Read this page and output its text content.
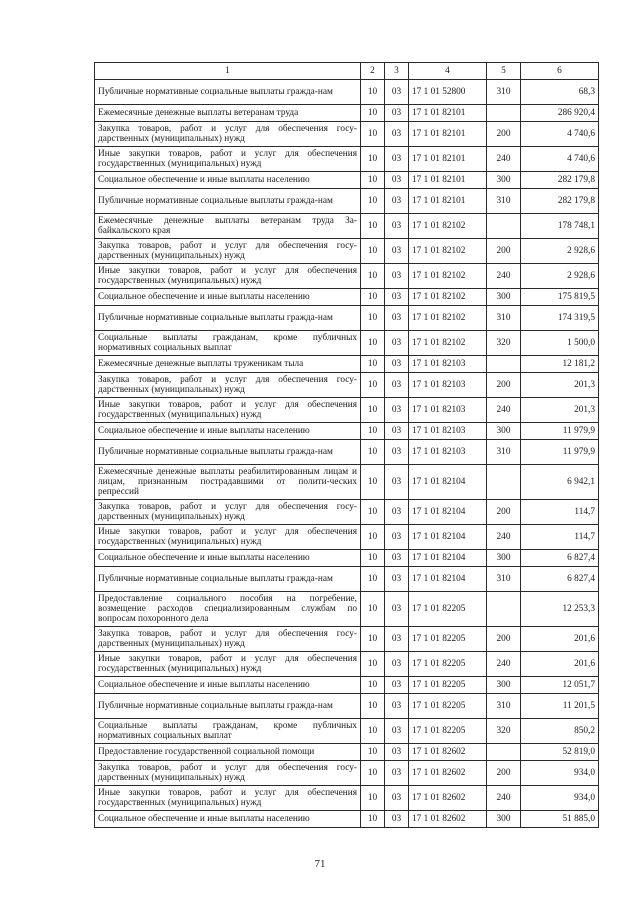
1	2	3	4	5	6
Публичные нормативные социальные выплаты гражда-нам	10	03	17 1 01 52800	310	68,3
Ежемесячные денежные выплаты ветеранам труда	10	03	17 1 01 82101		286 920,4
Закупка товаров, работ и услуг для обеспечения госу-дарственных (муниципальных) нужд	10	03	17 1 01 82101	200	4 740,6
Иные закупки товаров, работ и услуг для обеспечения государственных (муниципальных) нужд	10	03	17 1 01 82101	240	4 740,6
Социальное обеспечение и иные выплаты населению	10	03	17 1 01 82101	300	282 179,8
Публичные нормативные социальные выплаты гражда-нам	10	03	17 1 01 82101	310	282 179,8
Ежемесячные денежные выплаты ветеранам труда За-байкальского края	10	03	17 1 01 82102		178 748,1
Закупка товаров, работ и услуг для обеспечения госу-дарственных (муниципальных) нужд	10	03	17 1 01 82102	200	2 928,6
Иные закупки товаров, работ и услуг для обеспечения государственных (муниципальных) нужд	10	03	17 1 01 82102	240	2 928,6
Социальное обеспечение и иные выплаты населению	10	03	17 1 01 82102	300	175 819,5
Публичные нормативные социальные выплаты гражда-нам	10	03	17 1 01 82102	310	174 319,5
Социальные выплаты гражданам, кроме публичных нормативных социальных выплат	10	03	17 1 01 82102	320	1 500,0
Ежемесячные денежные выплаты труженикам тыла	10	03	17 1 01 82103		12 181,2
Закупка товаров, работ и услуг для обеспечения госу-дарственных (муниципальных) нужд	10	03	17 1 01 82103	200	201,3
Иные закупки товаров, работ и услуг для обеспечения государственных (муниципальных) нужд	10	03	17 1 01 82103	240	201,3
Социальное обеспечение и иные выплаты населению	10	03	17 1 01 82103	300	11 979,9
Публичные нормативные социальные выплаты гражда-нам	10	03	17 1 01 82103	310	11 979,9
Ежемесячные денежные выплаты реабилитированным лицам и лицам, признанным пострадавшими от полити-ческих репрессий	10	03	17 1 01 82104		6 942,1
Закупка товаров, работ и услуг для обеспечения госу-дарственных (муниципальных) нужд	10	03	17 1 01 82104	200	114,7
Иные закупки товаров, работ и услуг для обеспечения государственных (муниципальных) нужд	10	03	17 1 01 82104	240	114,7
Социальное обеспечение и иные выплаты населению	10	03	17 1 01 82104	300	6 827,4
Публичные нормативные социальные выплаты гражда-нам	10	03	17 1 01 82104	310	6 827,4
Предоставление социального пособия на погребение, возмещение расходов специализированным службам по вопросам похоронного дела	10	03	17 1 01 82205		12 253,3
Закупка товаров, работ и услуг для обеспечения госу-дарственных (муниципальных) нужд	10	03	17 1 01 82205	200	201,6
Иные закупки товаров, работ и услуг для обеспечения государственных (муниципальных) нужд	10	03	17 1 01 82205	240	201,6
Социальное обеспечение и иные выплаты населению	10	03	17 1 01 82205	300	12 051,7
Публичные нормативные социальные выплаты гражда-нам	10	03	17 1 01 82205	310	11 201,5
Социальные выплаты гражданам, кроме публичных нормативных социальных выплат	10	03	17 1 01 82205	320	850,2
Предоставление государственной социальной помощи	10	03	17 1 01 82602		52 819,0
Закупка товаров, работ и услуг для обеспечения госу-дарственных (муниципальных) нужд	10	03	17 1 01 82602	200	934,0
Иные закупки товаров, работ и услуг для обеспечения государственных (муниципальных) нужд	10	03	17 1 01 82602	240	934,0
Социальное обеспечение и иные выплаты населению	10	03	17 1 01 82602	300	51 885,0
71
